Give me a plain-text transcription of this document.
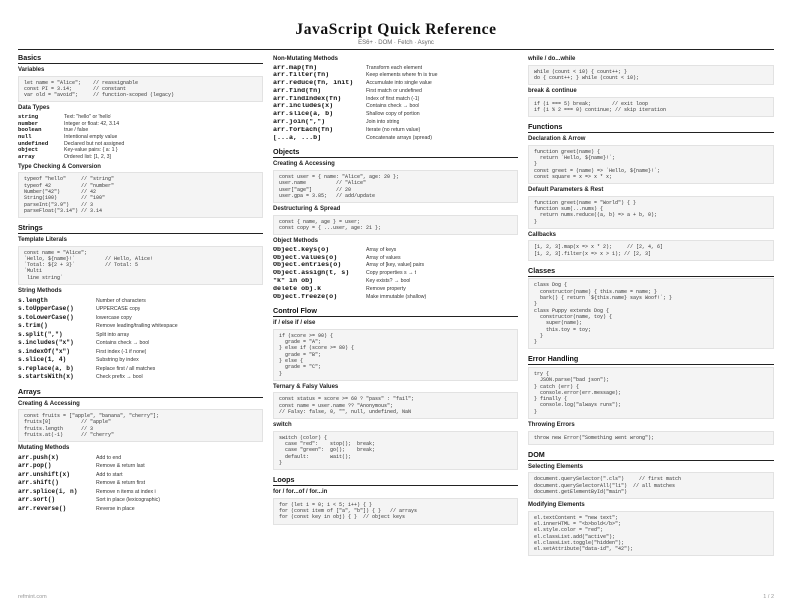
JavaScript Quick Reference
ES6+ · DOM · Fetch · Async
Basics
Variables
let name = "Alice";    // reassignable
const PI = 3.14;       // constant
var old = "avoid";     // function-scoped (legacy)
Data Types
string	Text: "hello" or 'hello'
number	Integer or float: 42, 3.14
boolean	true / false
null	Intentional empty value
undefined	Declared but not assigned
object	Key-value pairs: { a: 1 }
array	Ordered list: [1, 2, 3]
Type Checking & Conversion
typeof "hello"     // "string"
typeof 42          // "number"
Number("42")       // 42
String(100)        // "100"
parseInt("3.9")    // 3
parseFloat("3.14") // 3.14
Strings
Template Literals
const name = "Alice";
`Hello, ${name}!`          // Hello, Alice!
`Total: ${2 + 3}`          // Total: 5
`Multi
line string`
String Methods
s.length	Number of characters
s.toUpperCase()	UPPERCASE copy
s.toLowerCase()	lowercase copy
s.trim()	Remove leading/trailing whitespace
s.split(",")	Split into array
s.includes("x")	Contains check → bool
s.indexOf("x")	First index (-1 if none)
s.slice(1, 4)	Substring by index
s.replace(a, b)	Replace first / all matches
s.startsWith(x)	Check prefix → bool
Arrays
Creating & Accessing
const fruits = ["apple", "banana", "cherry"];
fruits[0]          // "apple"
fruits.length      // 3
fruits.at(-1)      // "cherry"
Mutating Methods
arr.push(x)	Add to end
arr.pop()	Remove & return last
arr.unshift(x)	Add to start
arr.shift()	Remove & return first
arr.splice(i, n)	Remove n items at index i
arr.sort()	Sort in place (lexicographic)
arr.reverse()	Reverse in place
Non-Mutating Methods
arr.map(fn)	Transform each element
arr.filter(fn)	Keep elements where fn is true
arr.reduce(fn, init)	Accumulate into single value
arr.find(fn)	First match or undefined
arr.findIndex(fn)	Index of first match (-1)
arr.includes(x)	Contains check → bool
arr.slice(a, b)	Shallow copy of portion
arr.join(",")	Join into string
arr.forEach(fn)	Iterate (no return value)
[...a, ...b]	Concatenate arrays (spread)
Objects
Creating & Accessing
const user = { name: "Alice", age: 20 };
user.name          // "Alice"
user["age"]        // 20
user.gpa = 3.85;   // add/update
Destructuring & Spread
const { name, age } = user;
const copy = { ...user, age: 21 };
Object Methods
Object.keys(o)	Array of keys
Object.values(o)	Array of values
Object.entries(o)	Array of [key, value] pairs
Object.assign(t, s)	Copy properties s → t
"k" in obj	Key exists? → bool
delete obj.k	Remove property
Object.freeze(o)	Make immutable (shallow)
Control Flow
if / else if / else
if (score >= 90) {
grade = "A";
} else if (score >= 80) {
grade = "B";
} else {
grade = "C";
}
Ternary & Falsy Values
const status = score >= 60 ? "pass" : "fail";
const name = user.name ?? "Anonymous";
// Falsy: false, 0, "", null, undefined, NaN
switch
switch (color) {
case "red":    stop();  break;
case "green":  go();    break;
default:       wait();
}
Loops
for / for...of / for...in
for (let i = 0; i < 5; i++) { }
for (const item of ["a", "b"]) { }   // arrays
for (const key in obj) { }  // object keys
while / do...while
while (count < 10) { count++; }
do { count++; } while (count < 10);
break & continue
if (i === 5) break;       // exit loop
if (i % 2 === 0) continue; // skip iteration
Functions
Declaration & Arrow
function greet(name) {
return `Hello, ${name}!`;
}
const greet = (name) => `Hello, ${name}!`;
const square = x => x * x;
Default Parameters & Rest
function greet(name = "World") { }
function sum(...nums) {
return nums.reduce((a, b) => a + b, 0);
}
Callbacks
[1, 2, 3].map(x => x * 2);     // [2, 4, 6]
[1, 2, 3].filter(x => x > 1); // [2, 3]
Classes
class Dog {
constructor(name) { this.name = name; }
bark() { return `${this.name} says Woof!`; }
}
class Puppy extends Dog {
constructor(name, toy) {
super(name);
this.toy = toy;
}
}
Error Handling
try {
JSON.parse("bad json");
} catch (err) {
console.error(err.message);
} finally {
console.log("always runs");
}
Throwing Errors
throw new Error("Something went wrong");
DOM
Selecting Elements
document.querySelector(".cls")     // first match
document.querySelectorAll("li")  // all matches
document.getElementById("main")
Modifying Elements
el.textContent = "new text";
el.innerHTML = "<b>bold</b>";
el.style.color = "red";
el.classList.add("active");
el.classList.toggle("hidden");
el.setAttribute("data-id", "42");
refmint.com	1 / 2
